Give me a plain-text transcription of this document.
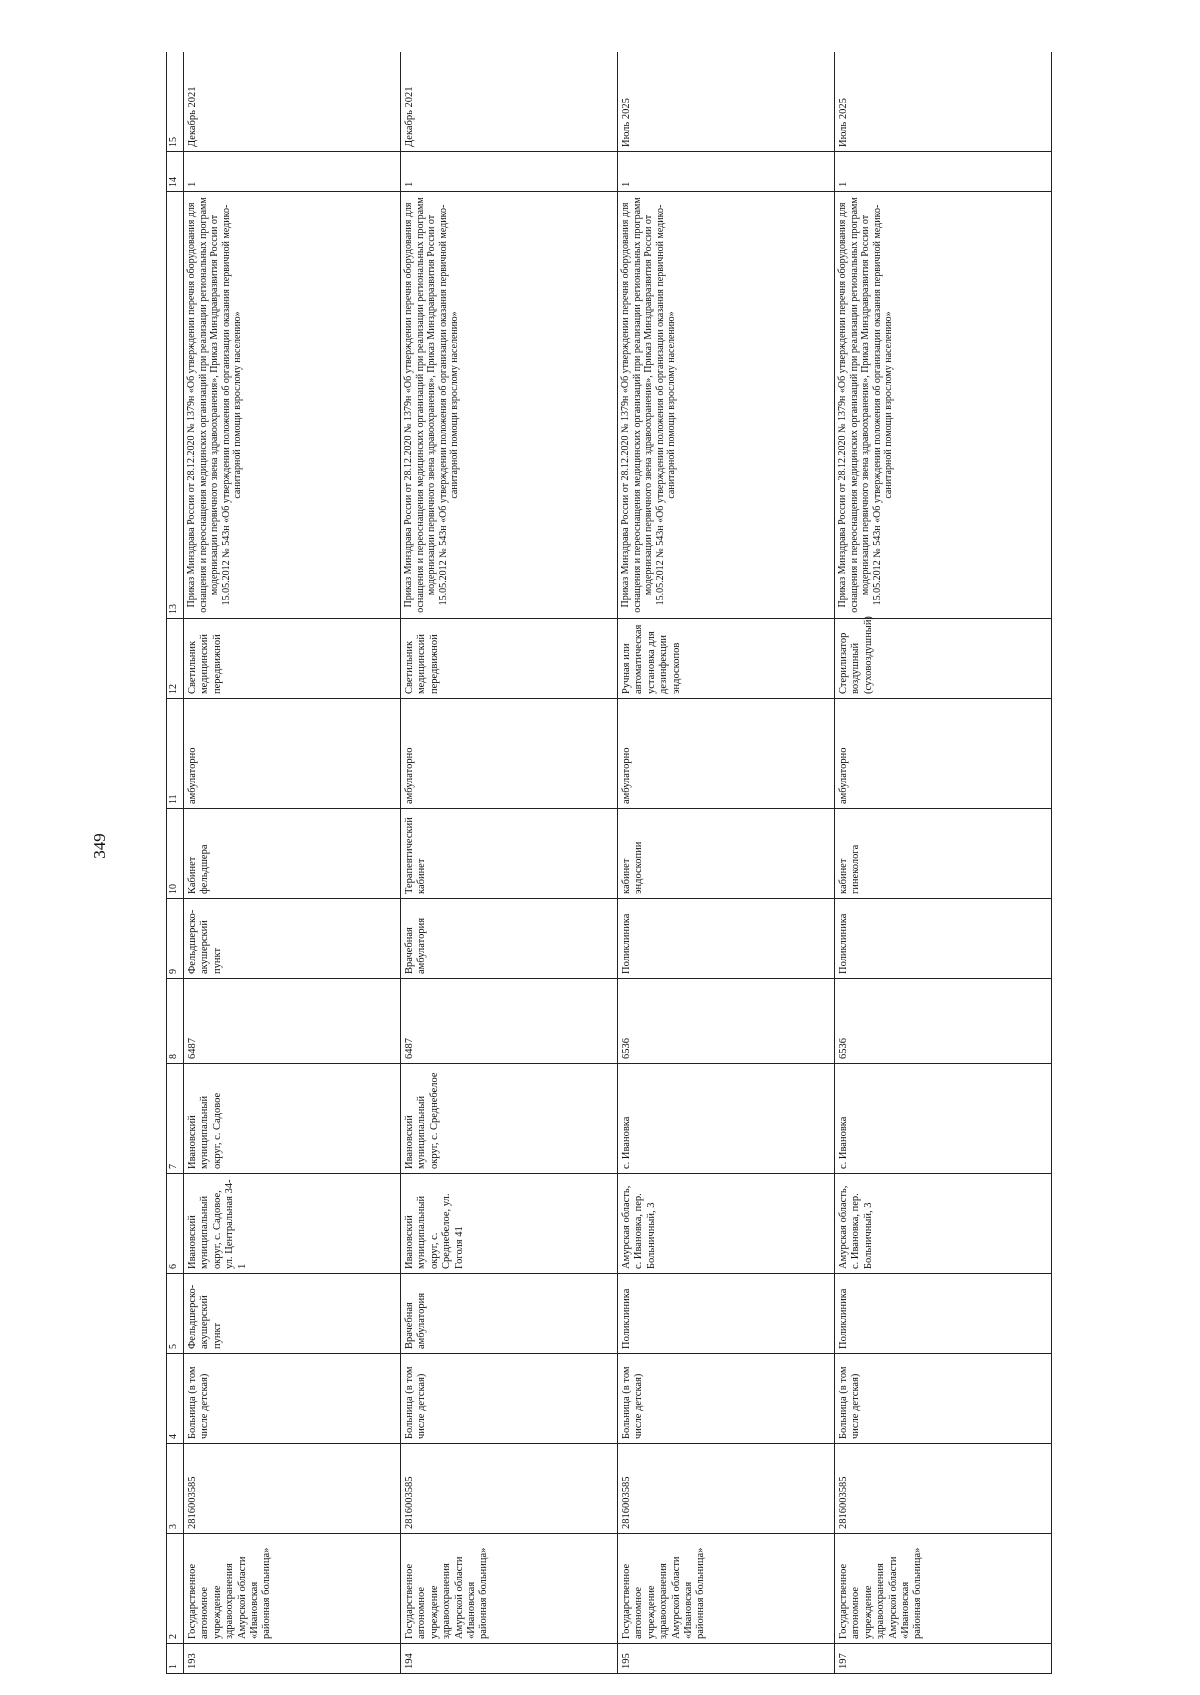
349
1	2	3	4	5	6	7	8	9	10	11	12	13	14	15
193	Государственное автономное учреждение здравоохранения Амурской области «Ивановская районная больница»	2816003585	Больница (в том числе детская)	Фельдшерско-акушерский пункт	Ивановский муниципальный округ, с. Садовое, ул. Центральная 34-1	Ивановский муниципальный округ, с. Садовое	6487	Фельдшерско-акушерский пункт	Кабинет фельдшера	амбулаторно	Светильник медицинский передвижной	Приказ Минздрава России от 28.12.2020 № 1379н «Об утверждении перечня оборудования для оснащения и переоснащения медицинских организаций при реализации региональных программ модернизации первичного звена здравоохранения», Приказ Минздравразвития России от 15.05.2012 № 543н «Об утверждении положения об организации оказания первичной медико-санитарной помощи взрослому населению»	1	Декабрь 2021
194	Государственное автономное учреждение здравоохранения Амурской области «Ивановская районная больница»	2816003585	Больница (в том числе детская)	Врачебная амбулатория	Ивановский муниципальный округ, с. Среднебелое, ул. Гоголя 41	Ивановский муниципальный округ, с. Среднебелое	6487	Врачебная амбулатория	Терапевтический кабинет	амбулаторно	Светильник медицинский передвижной	Приказ Минздрава России от 28.12.2020 № 1379н «Об утверждении перечня оборудования для оснащения и переоснащения медицинских организаций при реализации региональных программ модернизации первичного звена здравоохранения», Приказ Минздравразвития России от 15.05.2012 № 543н «Об утверждении положения об организации оказания первичной медико-санитарной помощи взрослому населению»	1	Декабрь 2021
195	Государственное автономное учреждение здравоохранения Амурской области «Ивановская районная больница»	2816003585	Больница (в том числе детская)	Поликлиника	Амурская область, с. Ивановка, пер. Больничный, 3	с. Ивановка	6536	Поликлиника	кабинет эндоскопии	амбулаторно	Ручная или автоматическая установка для дезинфекции эндоскопов	Приказ Минздрава России от 28.12.2020 № 1379н «Об утверждении перечня оборудования для оснащения и переоснащения медицинских организаций при реализации региональных программ модернизации первичного звена здравоохранения», Приказ Минздравразвития России от 15.05.2012 № 543н «Об утверждении положения об организации оказания первичной медико-санитарной помощи взрослому населению»	1	Июль 2025
197	Государственное автономное учреждение здравоохранения Амурской области «Ивановская районная больница»	2816003585	Больница (в том числе детская)	Поликлиника	Амурская область, с. Ивановка, пер. Больничный, 3	с. Ивановка	6536	Поликлиника	кабинет гинеколога	амбулаторно	Стерилизатор воздушный (суховоздушный)	Приказ Минздрава России от 28.12.2020 № 1379н «Об утверждении перечня оборудования для оснащения и переоснащения медицинских организаций при реализации региональных программ модернизации первичного звена здравоохранения», Приказ Минздравразвития России от 15.05.2012 № 543н «Об утверждении положения об организации оказания первичной медико-санитарной помощи взрослому населению»	1	Июль 2025
